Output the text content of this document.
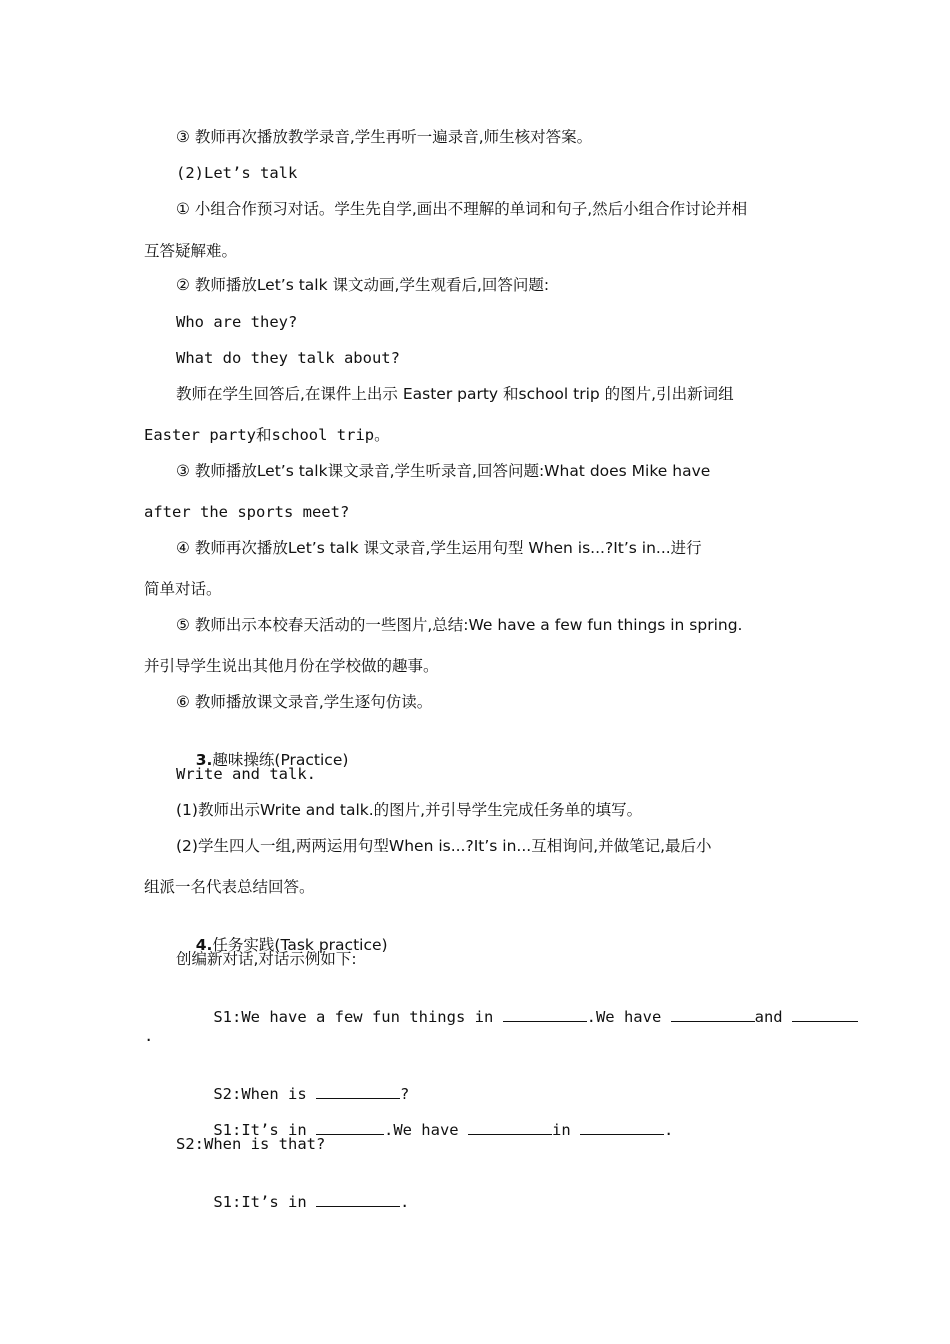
③ 教师再次播放教学录音,学生再听一遍录音,师生核对答案。
(2)Let’s talk
① 小组合作预习对话。学生先自学,画出不理解的单词和句子,然后小组合作讨论并相
互答疑解难。
② 教师播放Let’s talk 课文动画,学生观看后,回答问题:
Who are they?
What do they talk about?
教师在学生回答后,在课件上出示 Easter party 和school trip 的图片,引出新词组
Easter party和school trip。
③ 教师播放Let’s talk课文录音,学生听录音,回答问题:What does Mike have
after the sports meet?
④ 教师再次播放Let’s talk 课文录音,学生运用句型 When is...?It’s in...进行
简单对话。
⑤ 教师出示本校春天活动的一些图片,总结:We have a few fun things in spring.
并引导学生说出其他月份在学校做的趣事。
⑥ 教师播放课文录音,学生逐句仿读。

3.趣味操练(Practice)

Write and talk.
(1)教师出示Write and talk.的图片,并引导学生完成任务单的填写。
(2)学生四人一组,两两运用句型When is...?It’s in...互相询问,并做笔记,最后小
组派一名代表总结回答。

4.任务实践(Task practice)

创编新对话,对话示例如下:

S1:We have a few fun things in	.We have	and

.

S2:When is	?

S1:It’s in	.We have	in	.

S2:When is that?

S1:It’s in	.
